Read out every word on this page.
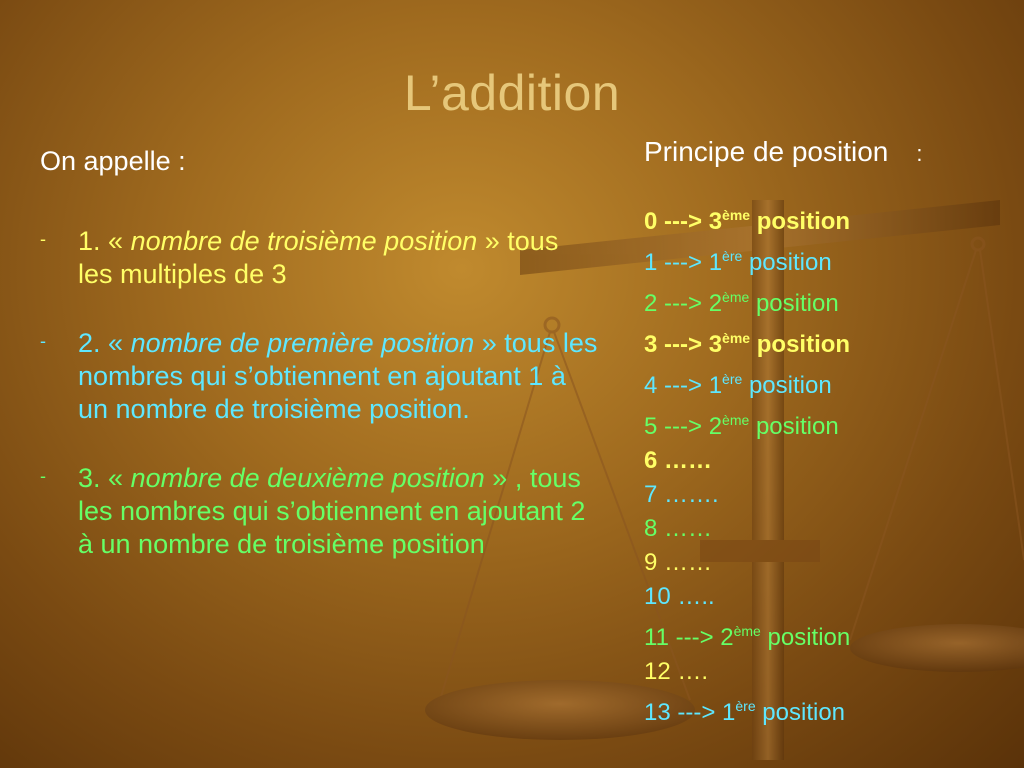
L’addition
On appelle :
- 1. « nombre de troisième position » tous les multiples de 3
- 2. « nombre de première position » tous les nombres qui s’obtiennent en ajoutant 1 à un nombre de troisième position.
- 3. « nombre de deuxième position » , tous les nombres qui s’obtiennent en ajoutant 2 à un nombre de troisième position
Principe de position :
0 ---> 3ème position
1 ---> 1ère position
2 ---> 2ème position
3 ---> 3ème position
4 ---> 1ère position
5 ---> 2ème position
6 ……
7 …….
8 ……
9 ……
10 …..
11 ---> 2ème position
12 ….
13 ---> 1ère position
